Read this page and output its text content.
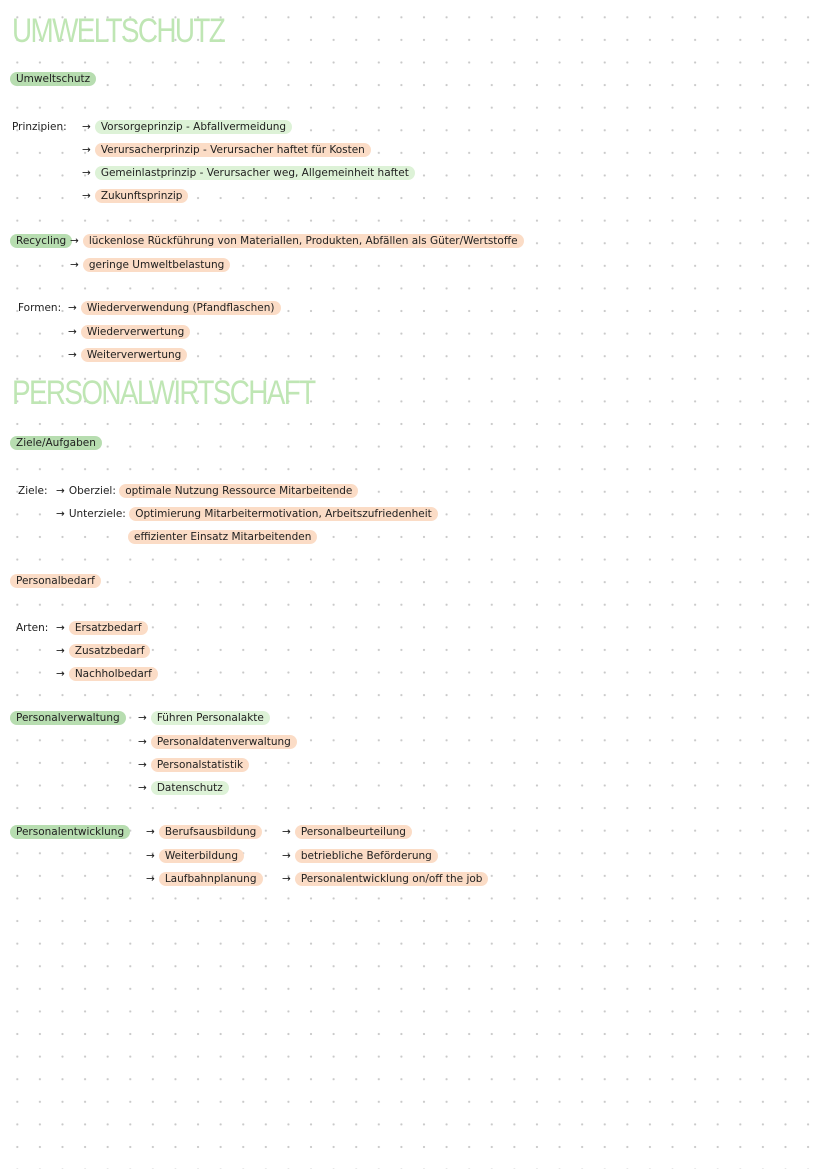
UMWELTSCHUTZ
Umweltschutz
Prinzipien: → Vorsorgeprinzip - Abfallvermeidung
→ Verursacherprinzip - Verursacher haftet für Kosten
→ Gemeinlastprinzip - Verursacher weg, Allgemeinheit haftet
→ Zukunftsprinzip
Recycling → lückenlose Rückführung von Materiallen, Produkten, Abfällen als Güter/Wertstoffe
→ geringe Umweltbelastung
Formen: → Wiederverwendung (Pfandflaschen)
→ Wiederverwertung
→ Weiterverwertung
PERSONALWIRTSCHAFT
Ziele/Aufgaben
Ziele: → Oberziel: optimale Nutzung Ressource Mitarbeitende
→ Unterziele: Optimierung Mitarbeitermotivation, Arbeitszufriedenheit
effizienter Einsatz Mitarbeitenden
Personalbedarf
Arten: → Ersatzbedarf
→ Zusatzbedarf
→ Nachholbedarf
Personalverwaltung	→ Führen Personalakte
→ Personaldatenverwaltung
→ Personalstatistik
→ Datenschutz
Personalentwicklung	→ Berufsausbildung
→ Weiterbildung
→ Laufbahnplanung
→ Personalbeurteilung
→ betriebliche Beförderung
→ Personalentwicklung on/off the job
